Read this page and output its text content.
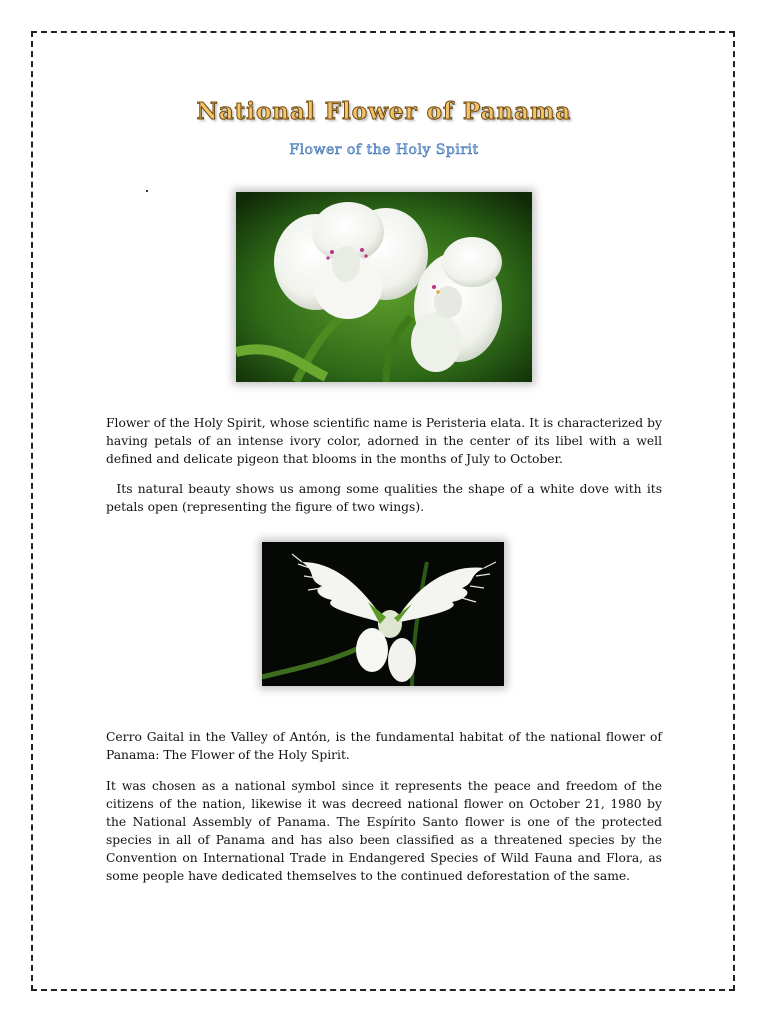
National Flower of Panama
Flower of the Holy Spirit
Flower of the Holy Spirit, whose scientific name is Peristeria elata. It is characterized by having petals of an intense ivory color, adorned in the center of its libel with a well defined and delicate pigeon that blooms in the months of July to October.
Its natural beauty shows us among some qualities the shape of a white dove with its petals open (representing the figure of two wings).
Cerro Gaital in the Valley of Antón, is the fundamental habitat of the national flower of Panama: The Flower of the Holy Spirit.
It was chosen as a national symbol since it represents the peace and freedom of the citizens of the nation, likewise it was decreed national flower on October 21, 1980 by the National Assembly of Panama. The Espírito Santo flower is one of the protected species in all of Panama and has also been classified as a threatened species by the Convention on International Trade in Endangered Species of Wild Fauna and Flora, as some people have dedicated themselves to the continued deforestation of the same.
